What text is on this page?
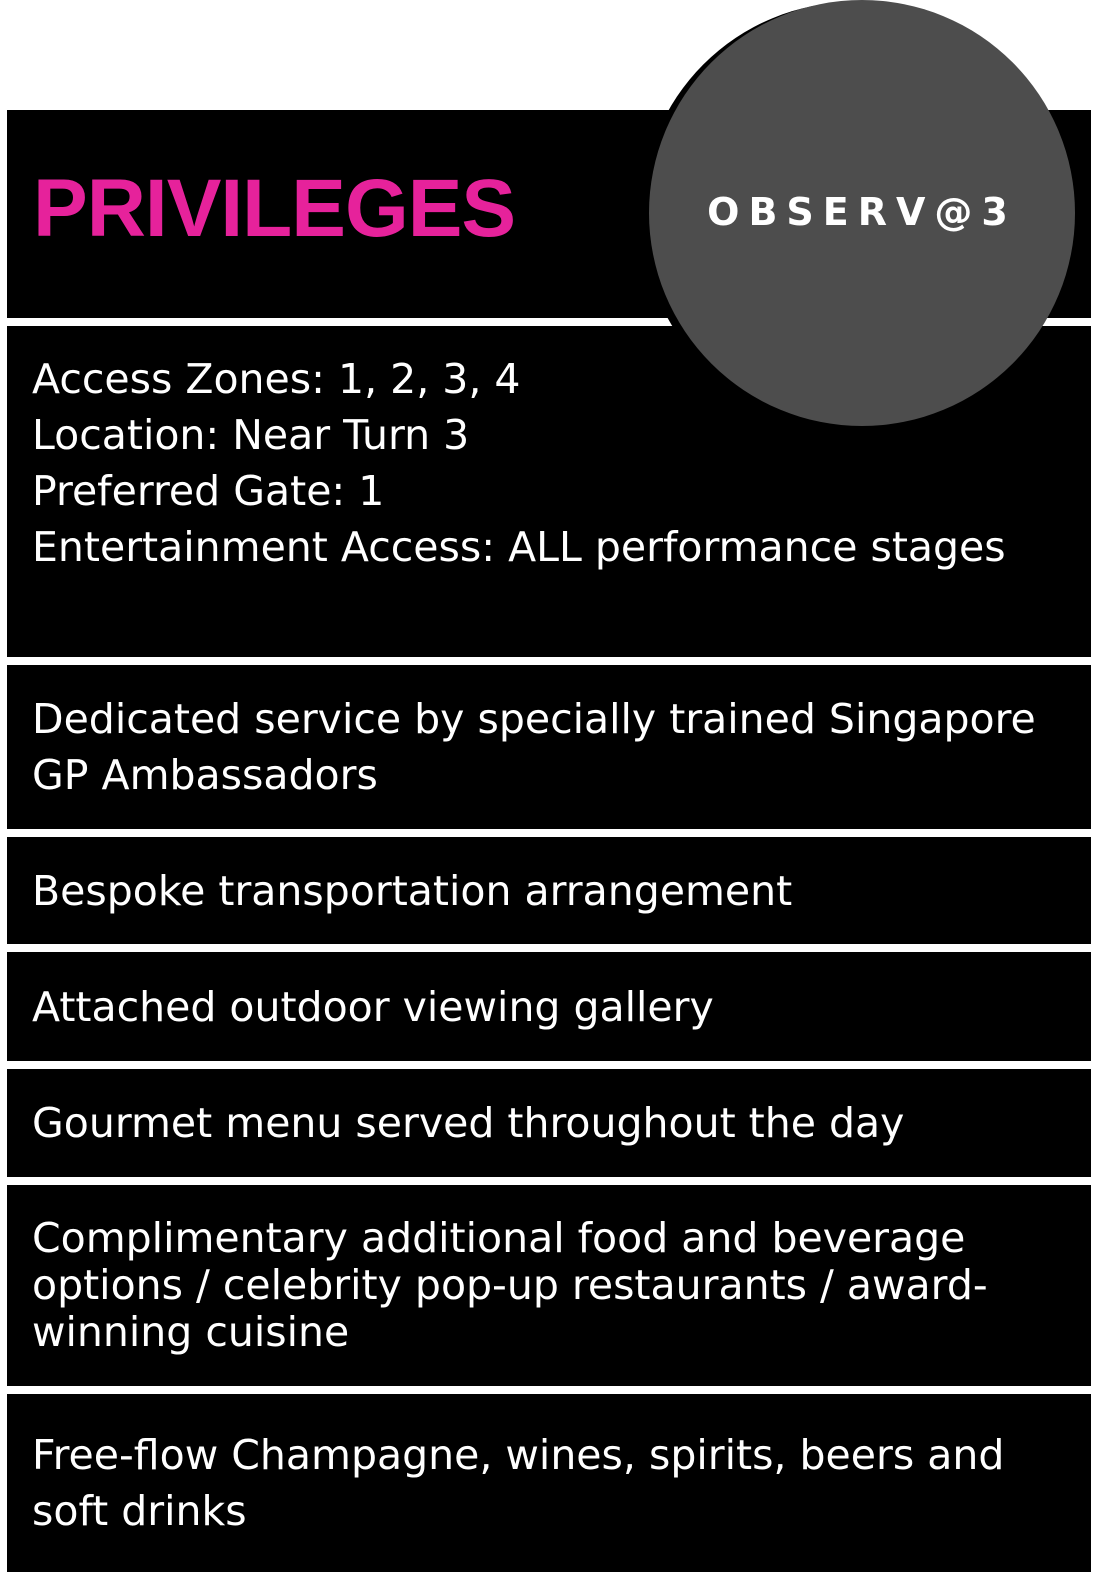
PRIVILEGES	OBSERV@3

Access Zones: 1, 2, 3, 4

Location: Near Turn 3

Preferred Gate: 1

Entertainment Access: ALL performance stages

Dedicated service by specially trained Singapore GP Ambassadors
Bespoke transportation arrangement
Attached outdoor viewing gallery
Gourmet menu served throughout the day
Complimentary additional food and beverage options / celebrity pop-up restaurants / award-winning cuisine
Free-flow Champagne, wines, spirits, beers and soft drinks
